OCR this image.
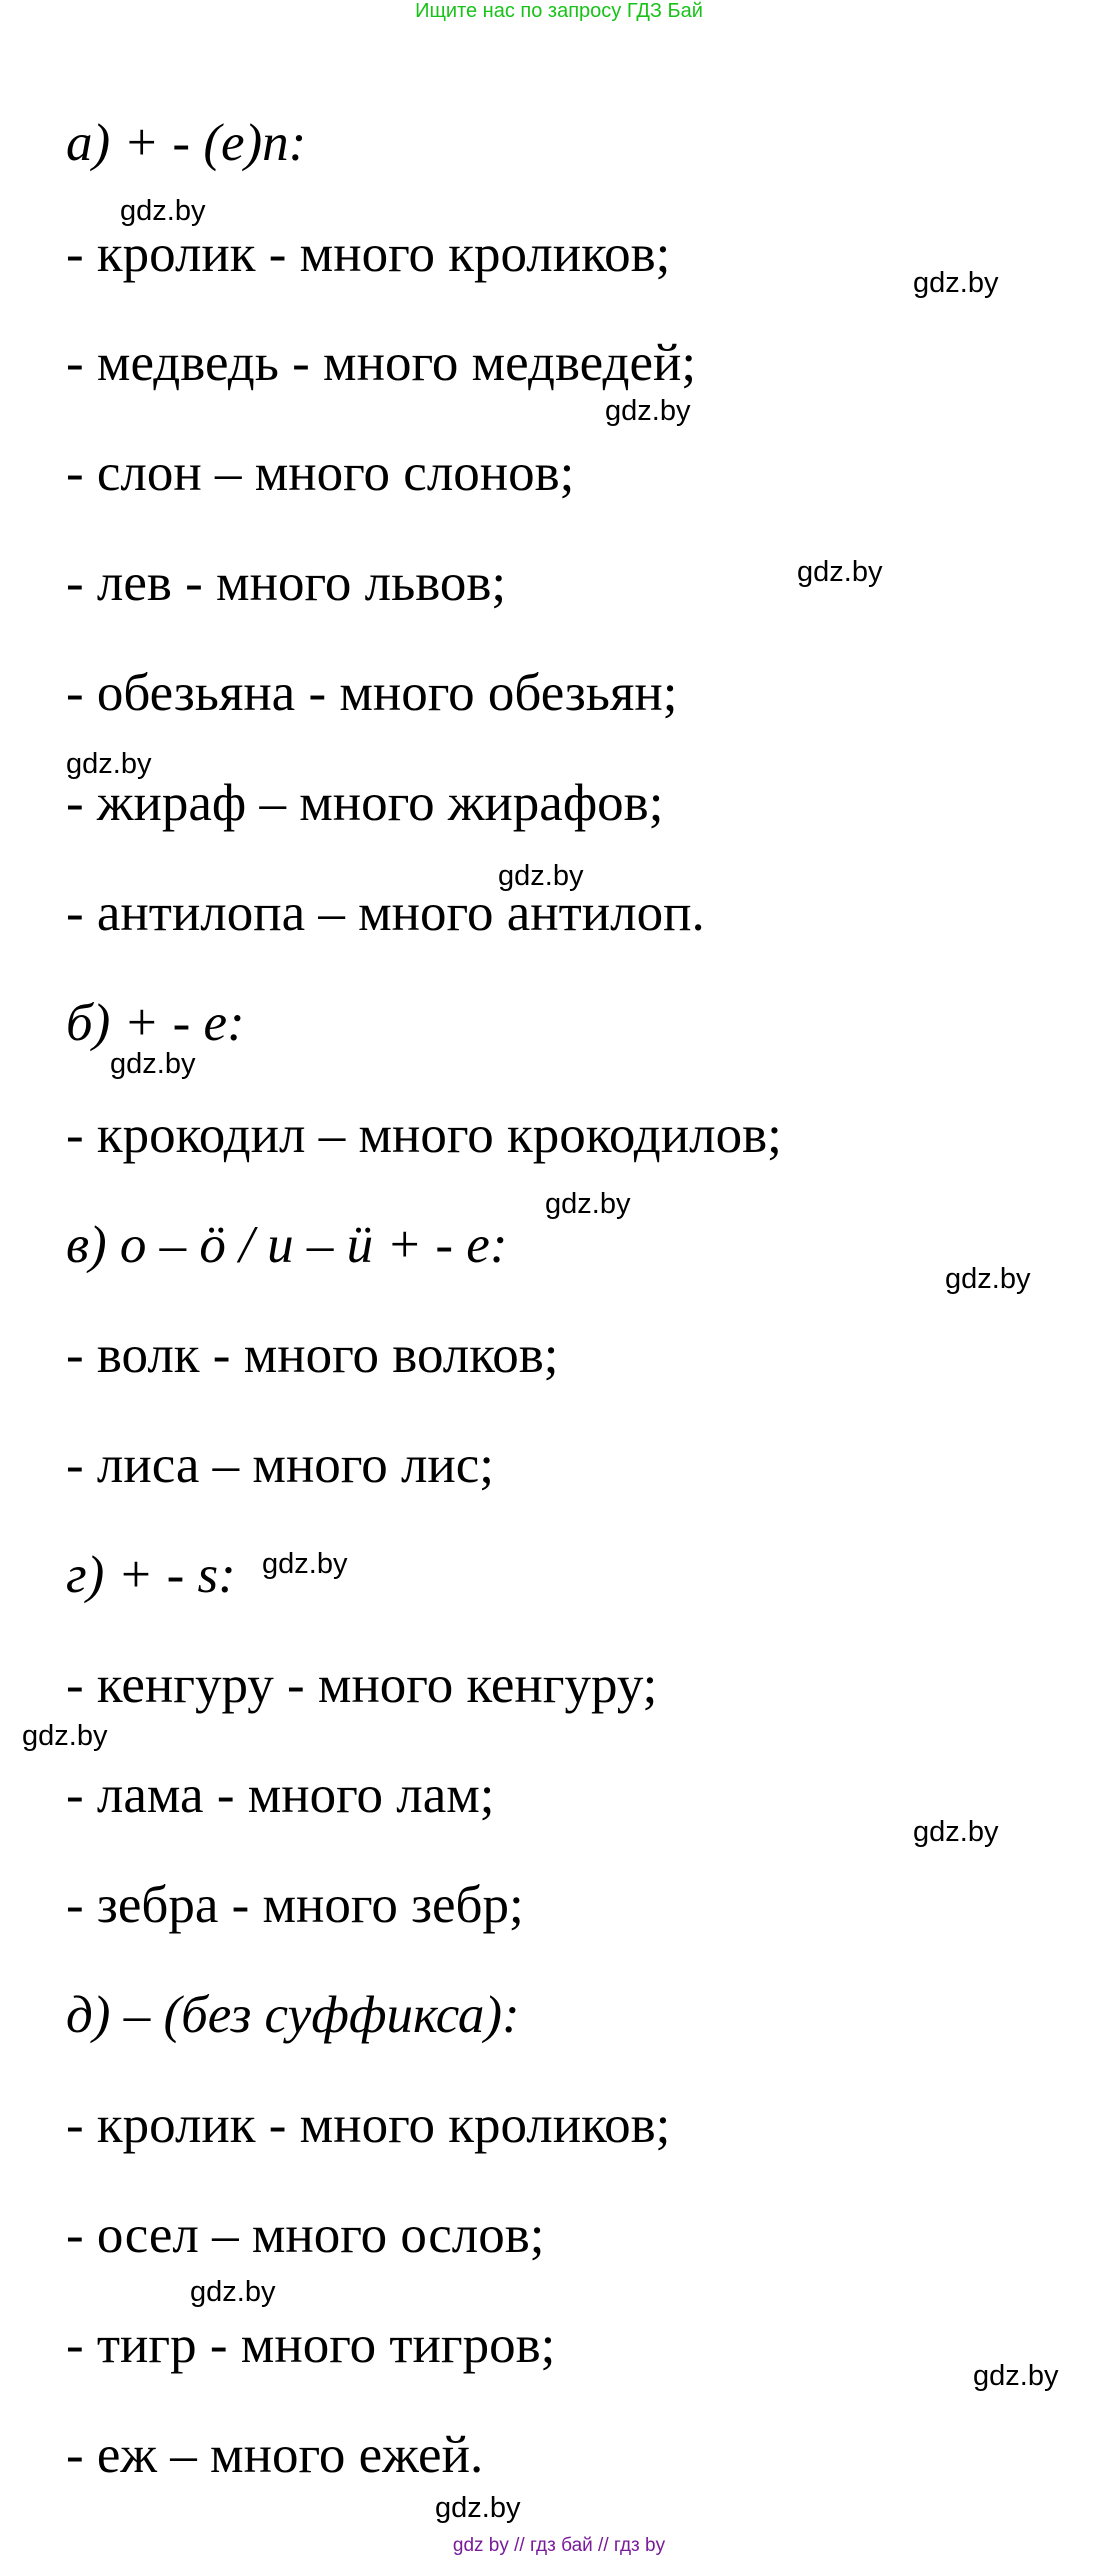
Ищите нас по запросу ГДЗ Бай
а) + - (е)n:
- кролик - много кроликов;
- медведь - много медведей;
- слон – много слонов;
- лев - много львов;
- обезьяна - много обезьян;
- жираф – много жирафов;
- антилопа – много антилоп.
б) + - е:
- крокодил – много крокодилов;
в) о – ö / и – ü + - е:
- волк - много волков;
- лиса – много лис;
г) + - s:
- кенгуру - много кенгуру;
- лама - много лам;
- зебра - много зебр;
д) – (без суффикса):
- кролик - много кроликов;
- осел – много ослов;
- тигр - много тигров;
- еж – много ежей.
gdz.by
gdz.by
gdz.by
gdz.by
gdz.by
gdz.by
gdz.by
gdz.by
gdz.by
gdz.by
gdz.by
gdz.by
gdz.by
gdz.by
gdz.by
gdz by // гдз бай // гдз by
